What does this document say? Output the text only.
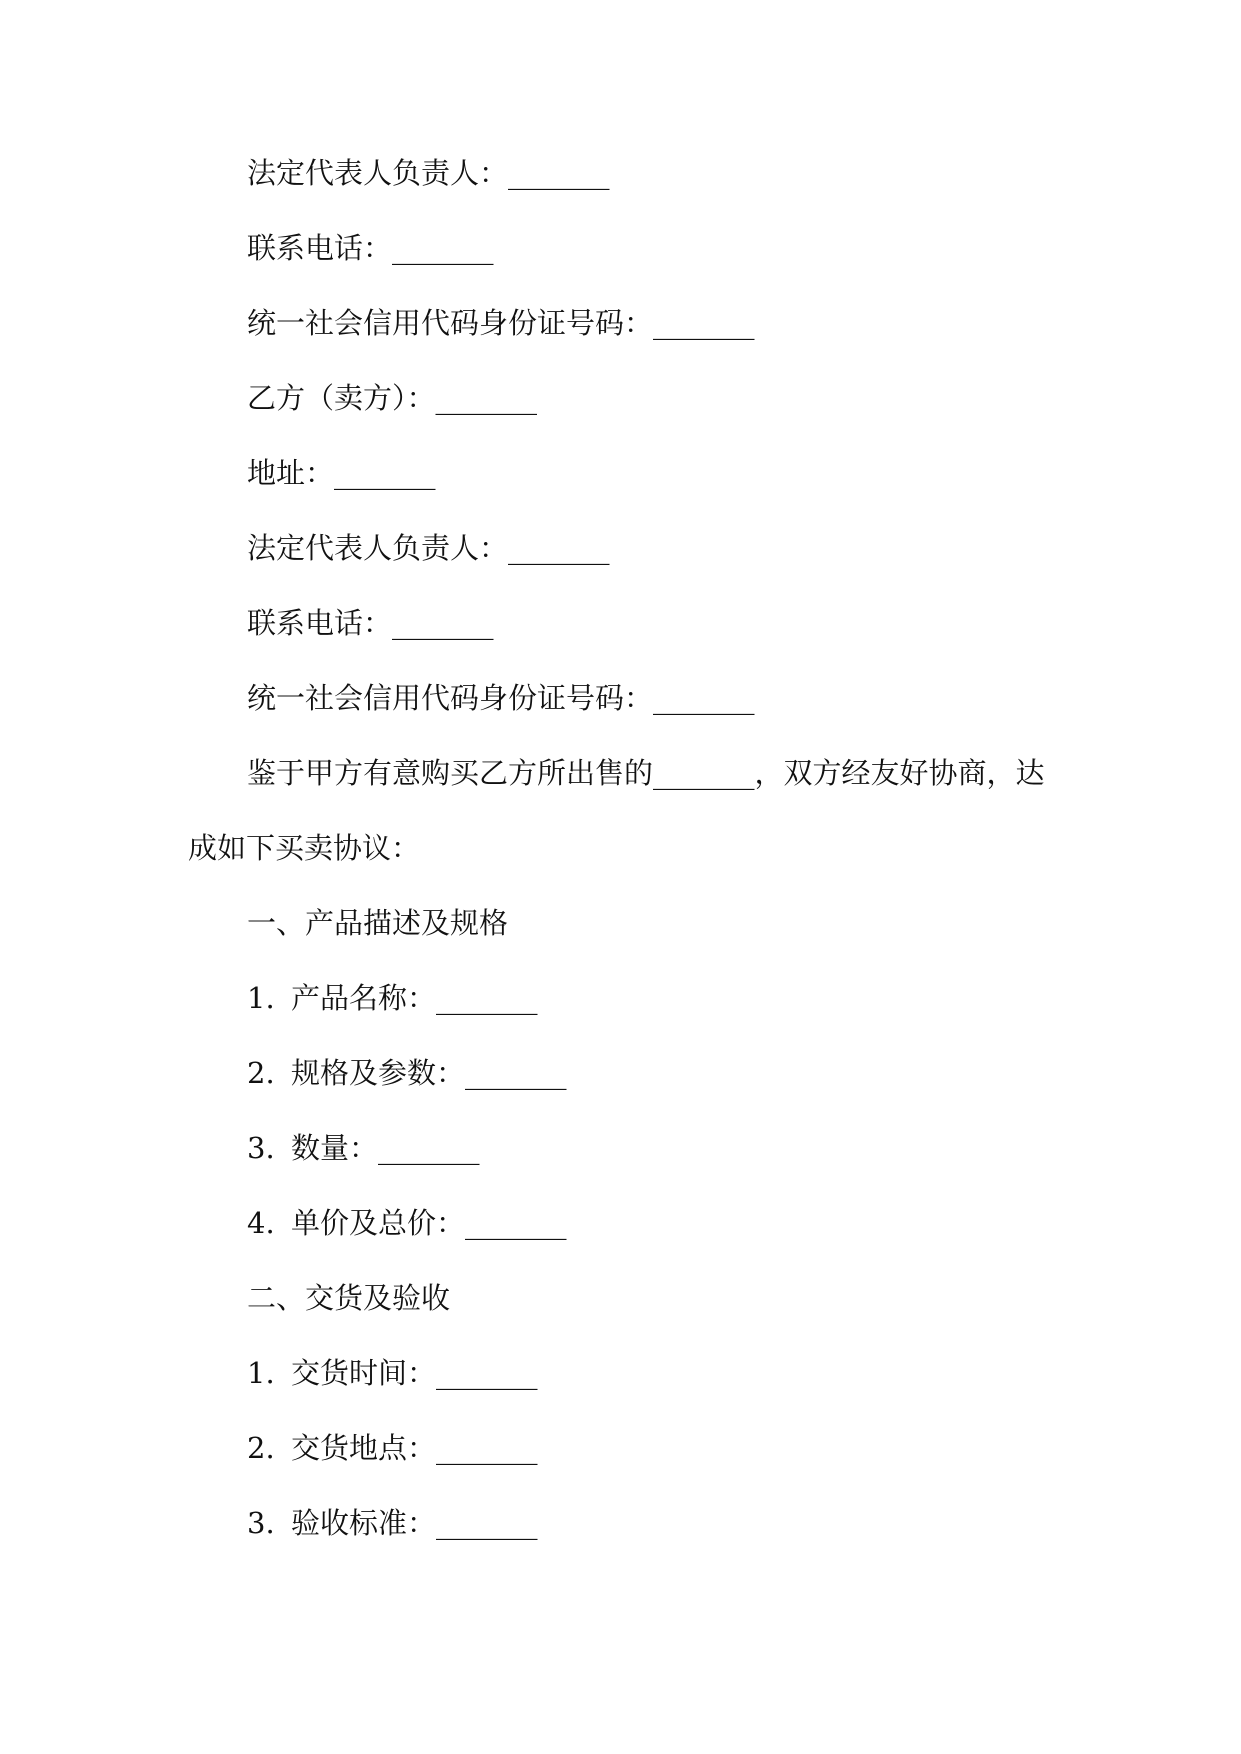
法定代表人负责人：_______
联系电话：_______
统一社会信用代码身份证号码：_______
乙方（卖方）：_______
地址：_______
法定代表人负责人：_______
联系电话：_______
统一社会信用代码身份证号码：_______
鉴于甲方有意购买乙方所出售的_______，双方经友好协商，达
成如下买卖协议：
一、产品描述及规格
1. 产品名称：_______
2. 规格及参数：_______
3. 数量：_______
4. 单价及总价：_______
二、交货及验收
1. 交货时间：_______
2. 交货地点：_______
3. 验收标准：_______
